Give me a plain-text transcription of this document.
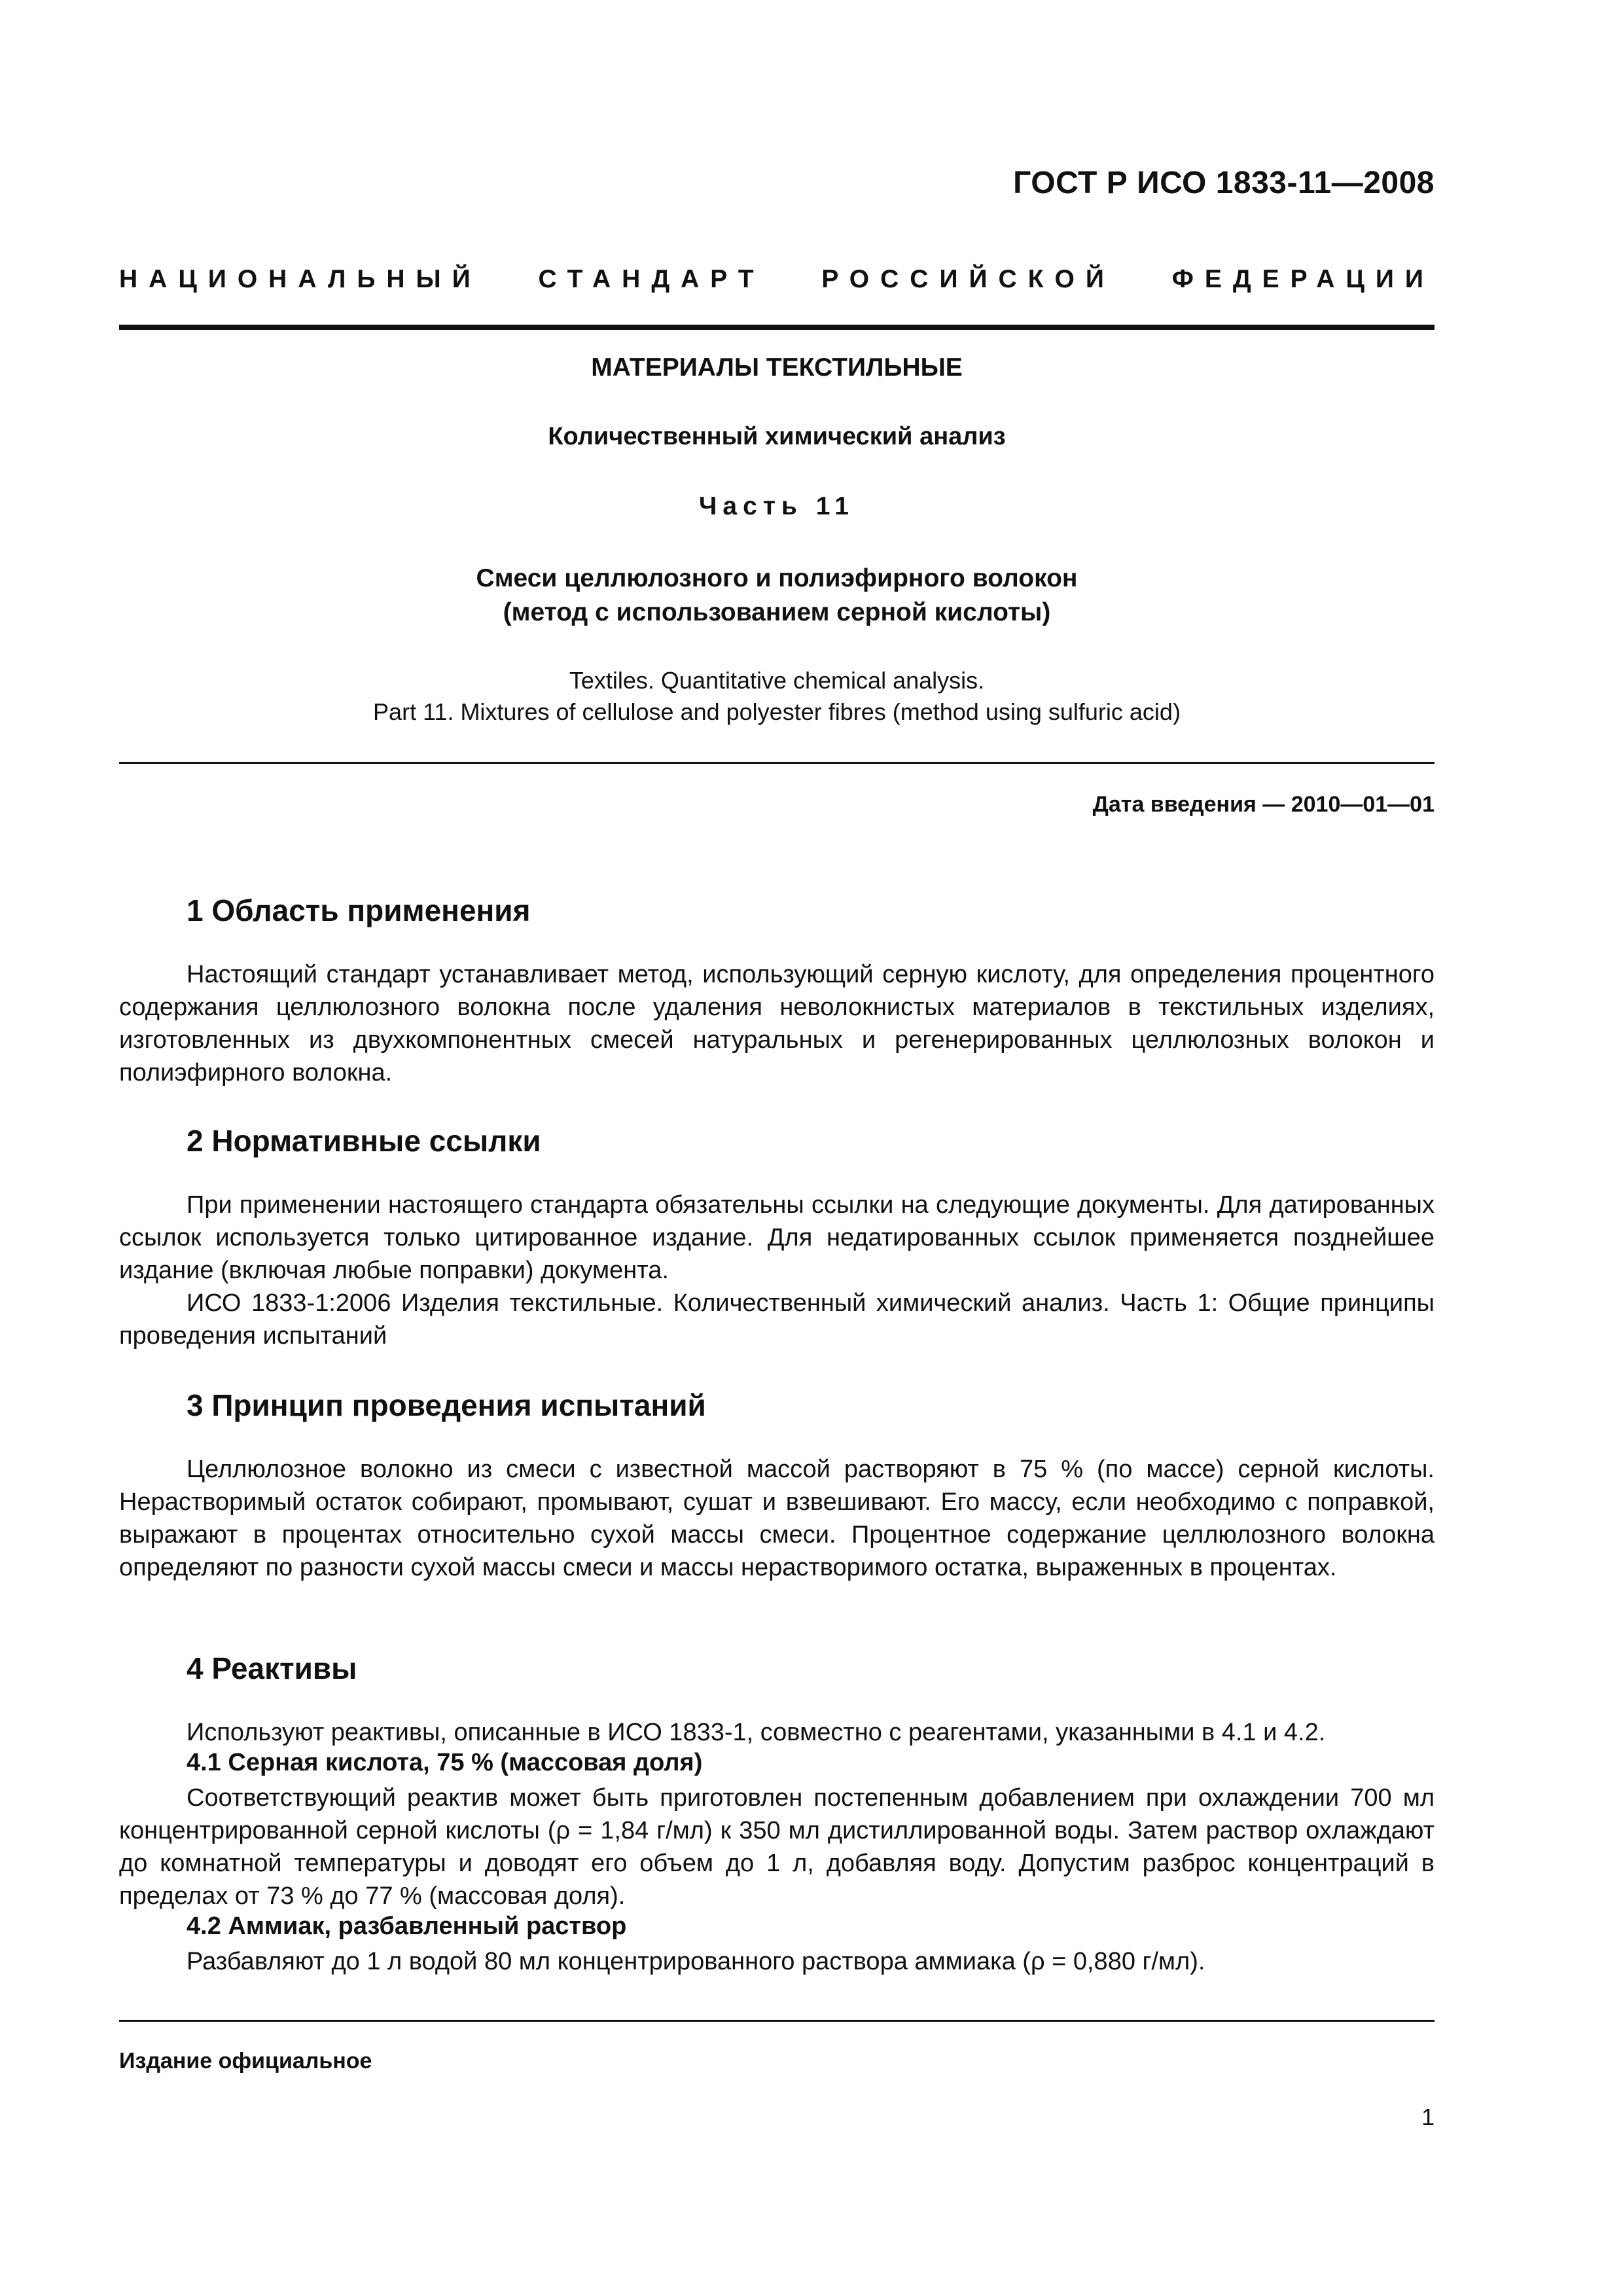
ГОСТ Р ИСО 1833-11—2008
НАЦИОНАЛЬНЫЙ СТАНДАРТ РОССИЙСКОЙ ФЕДЕРАЦИИ
МАТЕРИАЛЫ ТЕКСТИЛЬНЫЕ
Количественный химический анализ
Часть 11
Смеси целлюлозного и полиэфирного волокон
(метод с использованием серной кислоты)
Textiles. Quantitative chemical analysis.
Part 11. Mixtures of cellulose and polyester fibres (method using sulfuric acid)
Дата введения — 2010—01—01
1 Область применения

Настоящий стандарт устанавливает метод, использующий серную кислоту, для определения процентного содержания целлюлозного волокна после удаления неволокнистых материалов в текстильных изделиях, изготовленных из двухкомпонентных смесей натуральных и регенерированных целлюлозных волокон и полиэфирного волокна.

2 Нормативные ссылки

При применении настоящего стандарта обязательны ссылки на следующие документы. Для датированных ссылок используется только цитированное издание. Для недатированных ссылок применяется позднейшее издание (включая любые поправки) документа.

ИСО 1833-1:2006 Изделия текстильные. Количественный химический анализ. Часть 1: Общие принципы проведения испытаний

3 Принцип проведения испытаний

Целлюлозное волокно из смеси с известной массой растворяют в 75 % (по массе) серной кислоты. Нерастворимый остаток собирают, промывают, сушат и взвешивают. Его массу, если необходимо с поправкой, выражают в процентах относительно сухой массы смеси. Процентное содержание целлюлозного волокна определяют по разности сухой массы смеси и массы нерастворимого остатка, выраженных в процентах.

4 Реактивы

Используют реактивы, описанные в ИСО 1833-1, совместно с реагентами, указанными в 4.1 и 4.2.

4.1 Серная кислота, 75 % (массовая доля)

Соответствующий реактив может быть приготовлен постепенным добавлением при охлаждении 700 мл концентрированной серной кислоты (ρ = 1,84 г/мл) к 350 мл дистиллированной воды. Затем раствор охлаждают до комнатной температуры и доводят его объем до 1 л, добавляя воду. Допустим разброс концентраций в пределах от 73 % до 77 % (массовая доля).

4.2 Аммиак, разбавленный раствор

Разбавляют до 1 л водой 80 мл концентрированного раствора аммиака (ρ = 0,880 г/мл).

Издание официальное
1
